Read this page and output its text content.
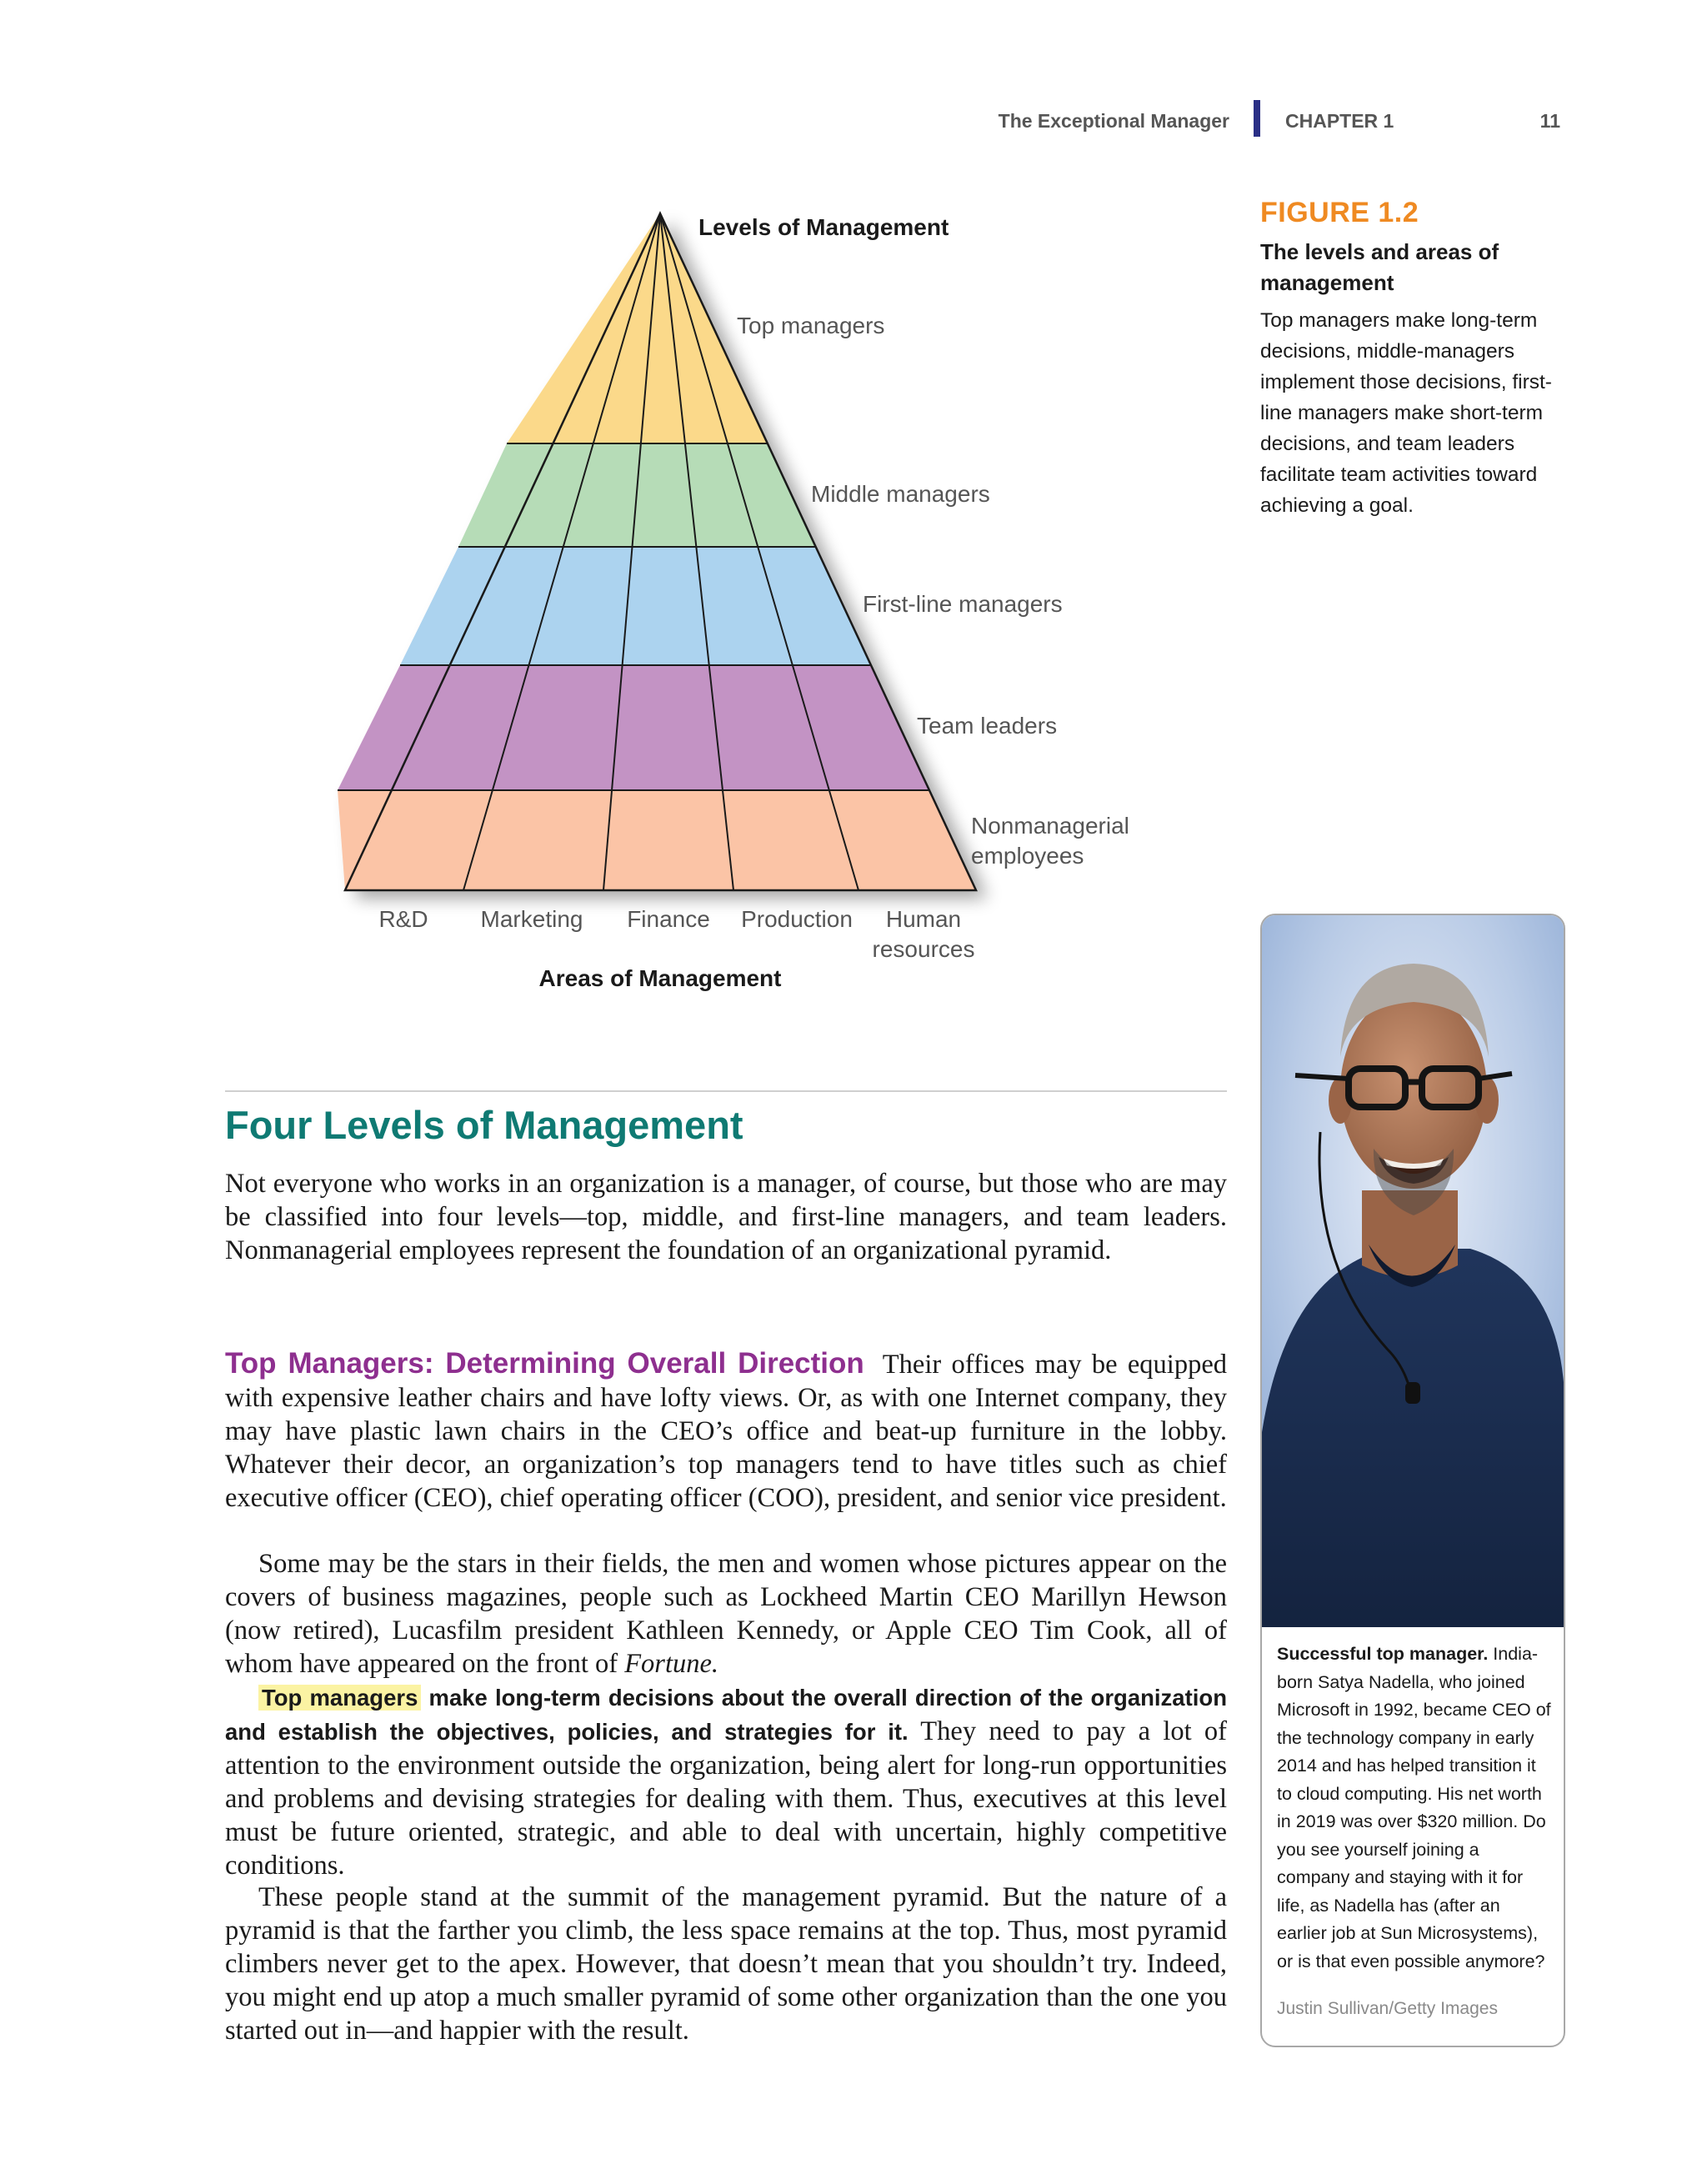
The Exceptional Manager	CHAPTER 1	11
Levels of Management
Top managers
Middle managers
First-line managers
Team leaders
Nonmanagerial
employees
R&D Marketing Finance Production Human
resources
Areas of Management
FIGURE 1.2
The levels and areas of management
Top managers make long-term decisions, middle-managers implement those decisions, first-line managers make short-term decisions, and team leaders facilitate team activities toward achieving a goal.
Successful top manager. India-born Satya Nadella, who joined Microsoft in 1992, became CEO of the technology company in early 2014 and has helped transition it to cloud computing. His net worth in 2019 was over $320 million. Do you see yourself joining a company and staying with it for life, as Nadella has (after an earlier job at Sun Microsystems), or is that even possible anymore?
Justin Sullivan/Getty Images
Four Levels of Management

Not everyone who works in an organization is a manager, of course, but those who are may be classified into four levels—top, middle, and first-line managers, and team leaders. Nonmanagerial employees represent the foundation of an organizational pyramid.

Top Managers: Determining Overall Direction Their offices may be equipped with expensive leather chairs and have lofty views. Or, as with one Internet company, they may have plastic lawn chairs in the CEO’s office and beat-up furniture in the lobby. Whatever their decor, an organization’s top managers tend to have titles such as chief executive officer (CEO), chief operating officer (COO), president, and senior vice president.

Some may be the stars in their fields, the men and women whose pictures appear on the covers of business magazines, people such as Lockheed Martin CEO Marillyn Hewson (now retired), Lucasfilm president Kathleen Kennedy, or Apple CEO Tim Cook, all of whom have appeared on the front of Fortune.

Top managers make long-term decisions about the overall direction of the organization and establish the objectives, policies, and strategies for it. They need to pay a lot of attention to the environment outside the organization, being alert for long-run opportunities and problems and devising strategies for dealing with them. Thus, executives at this level must be future oriented, strategic, and able to deal with uncertain, highly competitive conditions.

These people stand at the summit of the management pyramid. But the nature of a pyramid is that the farther you climb, the less space remains at the top. Thus, most pyramid climbers never get to the apex. However, that doesn’t mean that you shouldn’t try. Indeed, you might end up atop a much smaller pyramid of some other organization than the one you started out in—and happier with the result.
